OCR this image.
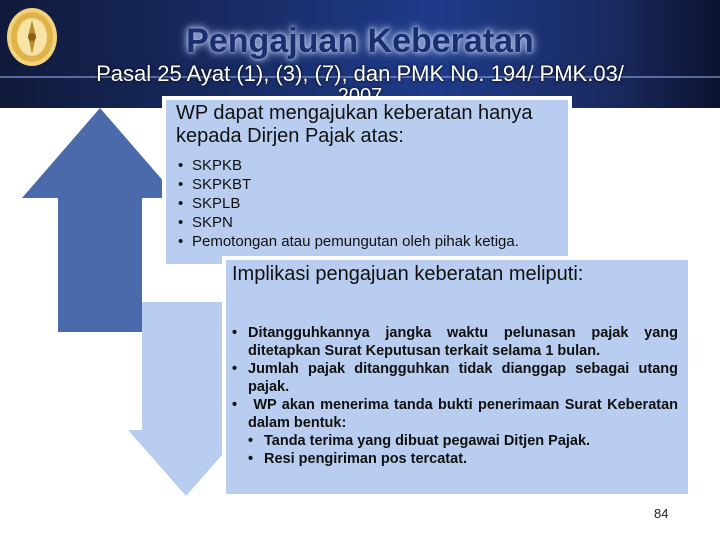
Pengajuan Keberatan
Pasal 25 Ayat (1), (3), (7), dan PMK No. 194/ PMK.03/
WP dapat mengajukan keberatan hanya kepada Dirjen Pajak atas:
• SKPKB
• SKPKBT
• SKPLB
• SKPN
• Pemotongan atau pemungutan oleh pihak ketiga.
Implikasi pengajuan keberatan meliputi:
• Ditangguhkannya jangka waktu pelunasan pajak yang ditetapkan Surat Keputusan terkait selama 1 bulan.
• Jumlah pajak ditangguhkan tidak dianggap sebagai utang pajak.
• WP akan menerima tanda bukti penerimaan Surat Keberatan dalam bentuk:
• Tanda terima yang dibuat pegawai Ditjen Pajak.
• Resi pengiriman pos tercatat.
84
